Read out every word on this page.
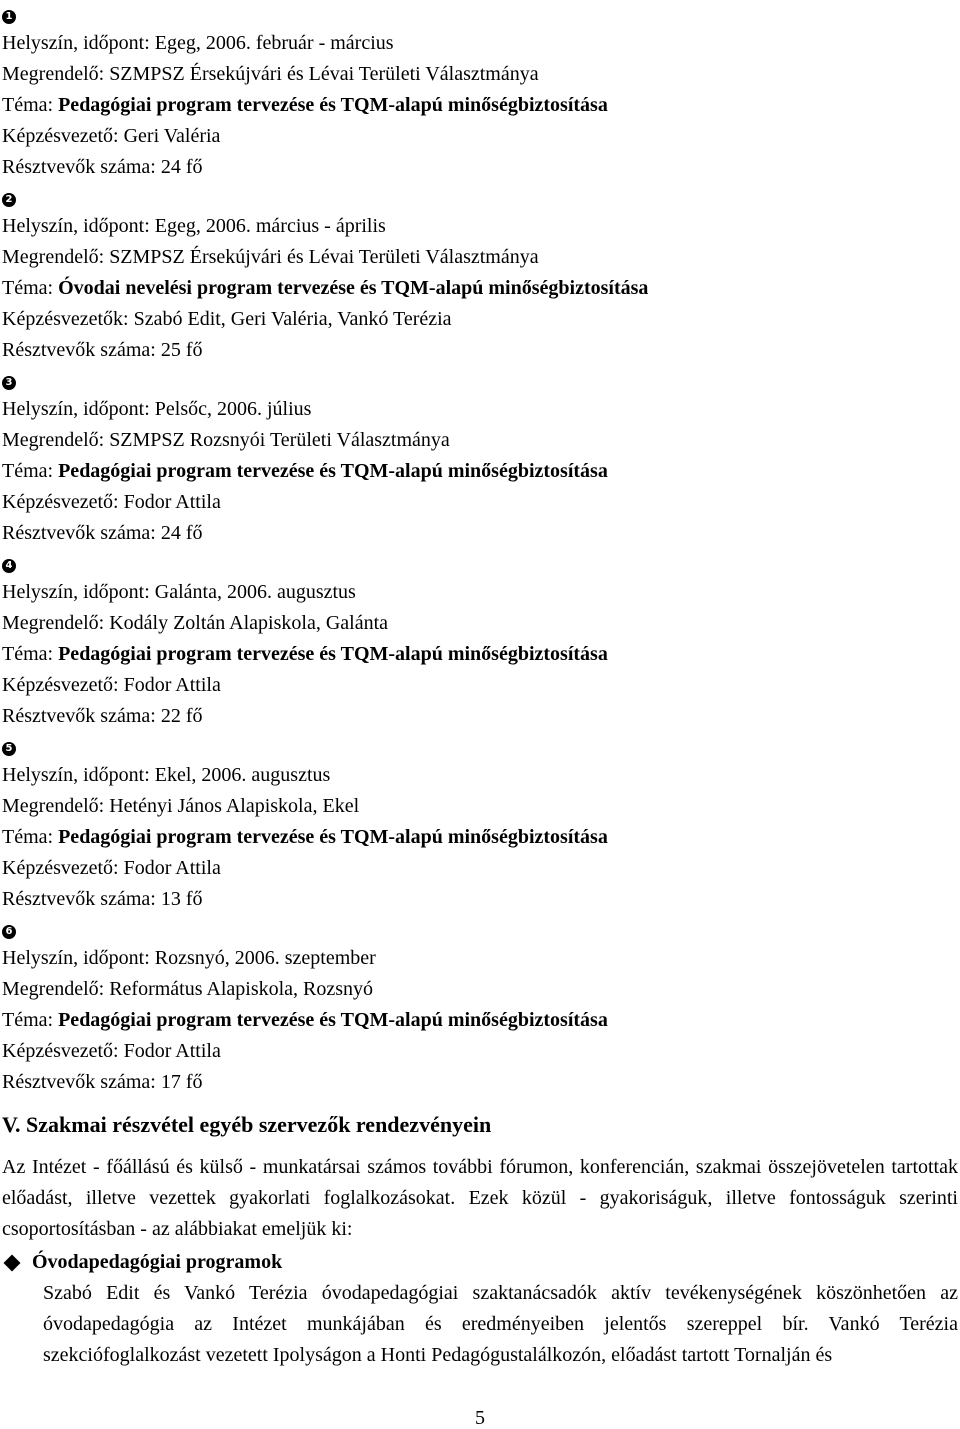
1
Helyszín, időpont: Egeg, 2006. február - március
Megrendelő: SZMPSZ Érsekújvári és Lévai Területi Választmánya
Téma: Pedagógiai program tervezése és TQM-alapú minőségbiztosítása
Képzésvezető: Geri Valéria
Résztvevők száma: 24 fő
2
Helyszín, időpont: Egeg, 2006. március - április
Megrendelő: SZMPSZ Érsekújvári és Lévai Területi Választmánya
Téma: Óvodai nevelési program tervezése és TQM-alapú minőségbiztosítása
Képzésvezetők: Szabó Edit, Geri Valéria, Vankó Terézia
Résztvevők száma: 25 fő
3
Helyszín, időpont: Pelsőc, 2006. július
Megrendelő: SZMPSZ Rozsnyói Területi Választmánya
Téma: Pedagógiai program tervezése és TQM-alapú minőségbiztosítása
Képzésvezető: Fodor Attila
Résztvevők száma: 24 fő
4
Helyszín, időpont: Galánta, 2006. augusztus
Megrendelő: Kodály Zoltán Alapiskola, Galánta
Téma: Pedagógiai program tervezése és TQM-alapú minőségbiztosítása
Képzésvezető: Fodor Attila
Résztvevők száma: 22 fő
5
Helyszín, időpont: Ekel, 2006. augusztus
Megrendelő: Hetényi János Alapiskola, Ekel
Téma: Pedagógiai program tervezése és TQM-alapú minőségbiztosítása
Képzésvezető: Fodor Attila
Résztvevők száma: 13 fő
6
Helyszín, időpont: Rozsnyó, 2006. szeptember
Megrendelő: Református Alapiskola, Rozsnyó
Téma: Pedagógiai program tervezése és TQM-alapú minőségbiztosítása
Képzésvezető: Fodor Attila
Résztvevők száma: 17 fő
V. Szakmai részvétel egyéb szervezők rendezvényein

Az Intézet - főállású és külső - munkatársai számos további fórumon, konferencián, szakmai összejövetelen tartottak előadást, illetve vezettek gyakorlati foglalkozásokat. Ezek közül - gyakoriságuk, illetve fontosságuk szerinti csoportosításban - az alábbiakat emeljük ki:

Óvodapedagógiai programok

Szabó Edit és Vankó Terézia óvodapedagógiai szaktanácsadók aktív tevékenységének köszönhetően az óvodapedagógia az Intézet munkájában és eredményeiben jelentős szereppel bír. Vankó Terézia szekciófoglalkozást vezetett Ipolyságon a Honti Pedagógustalálkozón, előadást tartott Tornalján és

5
